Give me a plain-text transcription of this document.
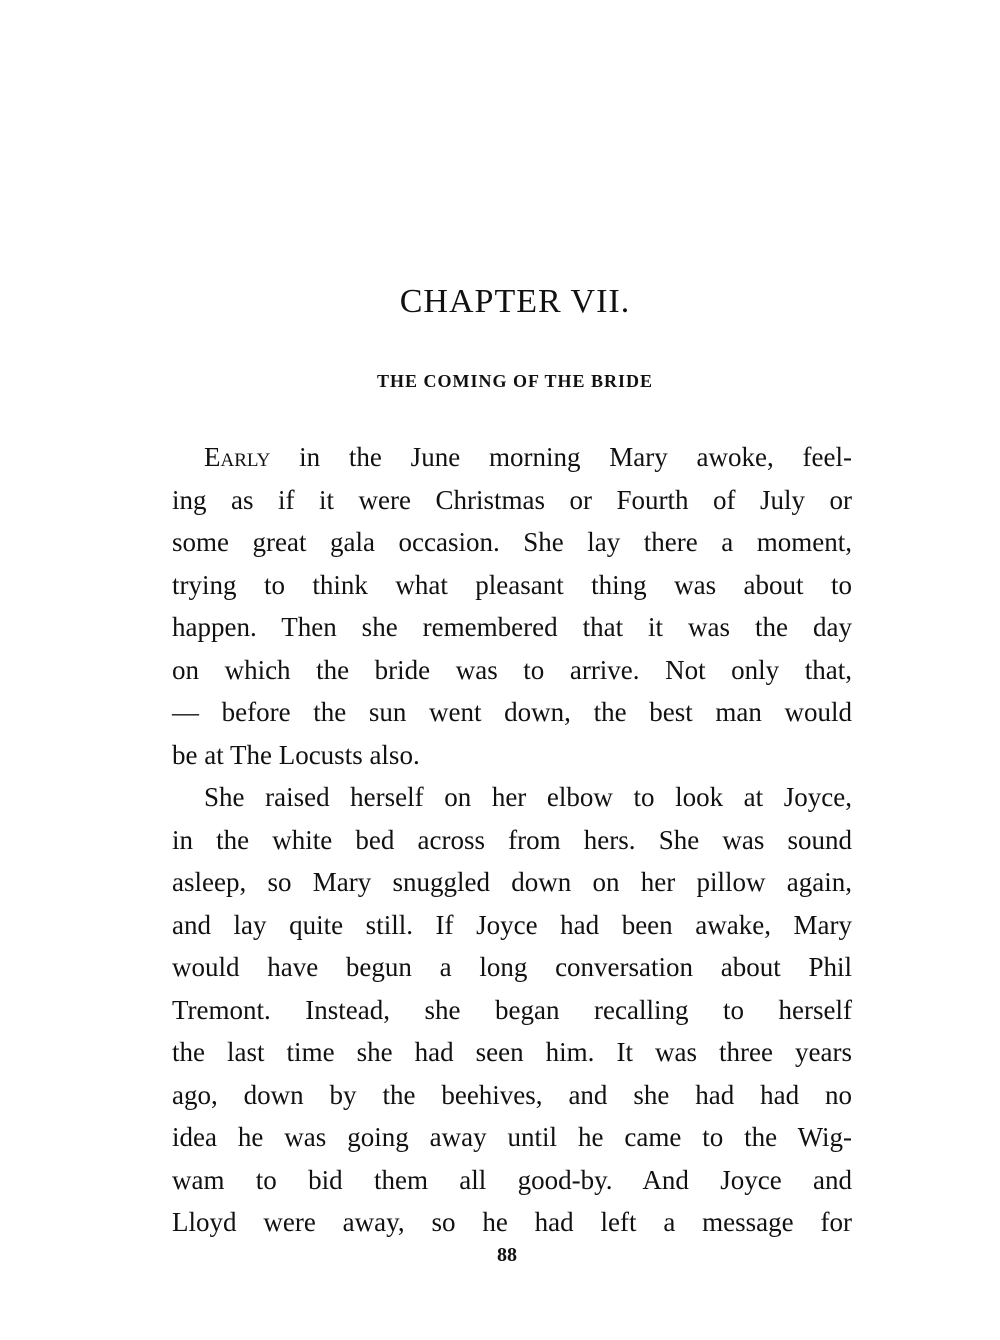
CHAPTER VII.
THE COMING OF THE BRIDE
Early in the June morning Mary awoke, feel-
ing as if it were Christmas or Fourth of July or
some great gala occasion. She lay there a moment,
trying to think what pleasant thing was about to
happen. Then she remembered that it was the day
on which the bride was to arrive. Not only that,
— before the sun went down, the best man would
be at The Locusts also.
She raised herself on her elbow to look at Joyce,
in the white bed across from hers. She was sound
asleep, so Mary snuggled down on her pillow again,
and lay quite still. If Joyce had been awake, Mary
would have begun a long conversation about Phil
Tremont. Instead, she began recalling to herself
the last time she had seen him. It was three years
ago, down by the beehives, and she had had no
idea he was going away until he came to the Wig-
wam to bid them all good-by. And Joyce and
Lloyd were away, so he had left a message for
88
